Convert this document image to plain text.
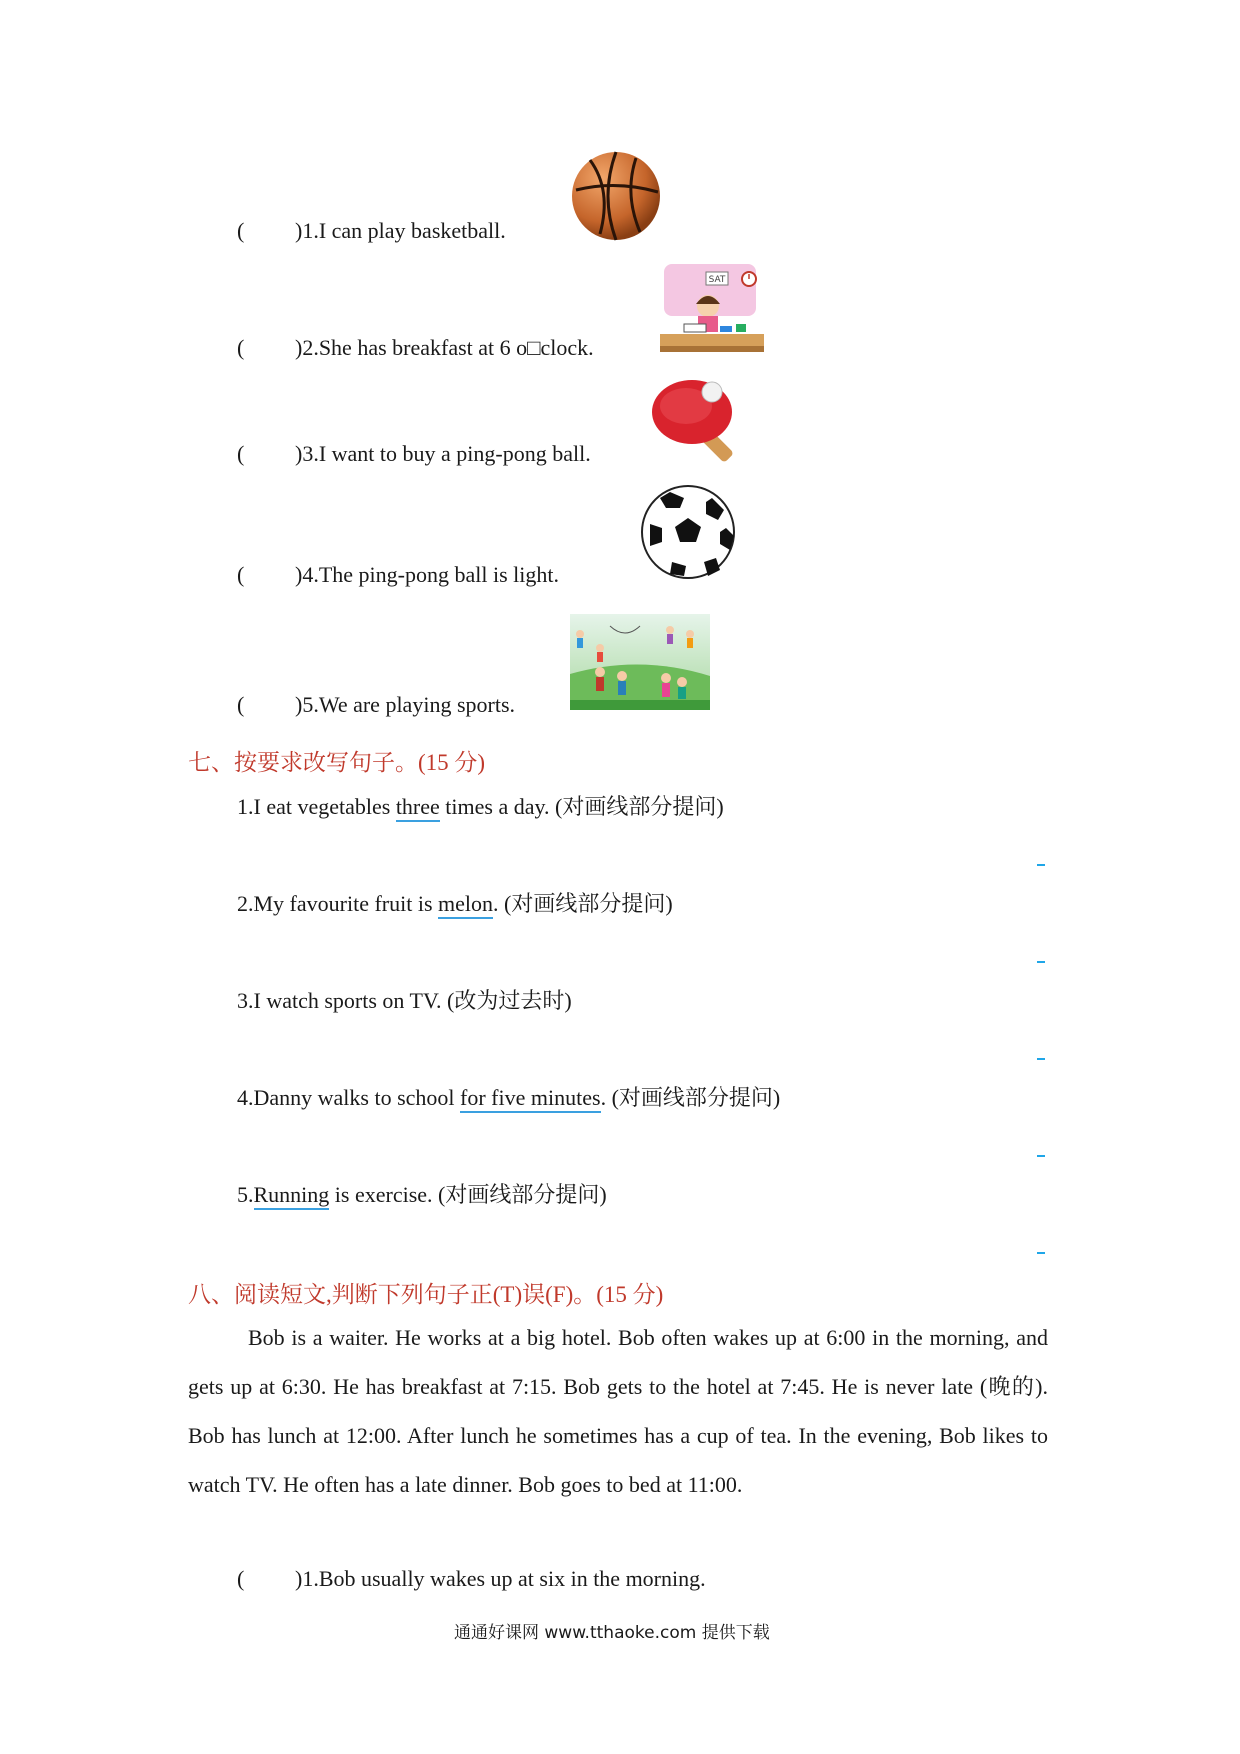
( )1.I can play basketball.
( )2.She has breakfast at 6 o□clock.
( )3.I want to buy a ping-pong ball.
( )4.The ping-pong ball is light.
( )5.We are playing sports.
SAT
七、按要求改写句子。(15 分)
1.I eat vegetables three times a day. (对画线部分提问)
2.My favourite fruit is melon. (对画线部分提问)
3.I watch sports on TV. (改为过去时)
4.Danny walks to school for five minutes. (对画线部分提问)
5.Running is exercise. (对画线部分提问)
八、阅读短文,判断下列句子正(T)误(F)。(15 分)
Bob is a waiter. He works at a big hotel. Bob often wakes up at 6:00 in the morning, and gets up at 6:30. He has breakfast at 7:15. Bob gets to the hotel at 7:45. He is never late (晚的). Bob has lunch at 12:00. After lunch he sometimes has a cup of tea. In the evening, Bob likes to watch TV. He often has a late dinner. Bob goes to bed at 11:00.
( )1.Bob usually wakes up at six in the morning.
通通好课网 www.tthaoke.com 提供下载
